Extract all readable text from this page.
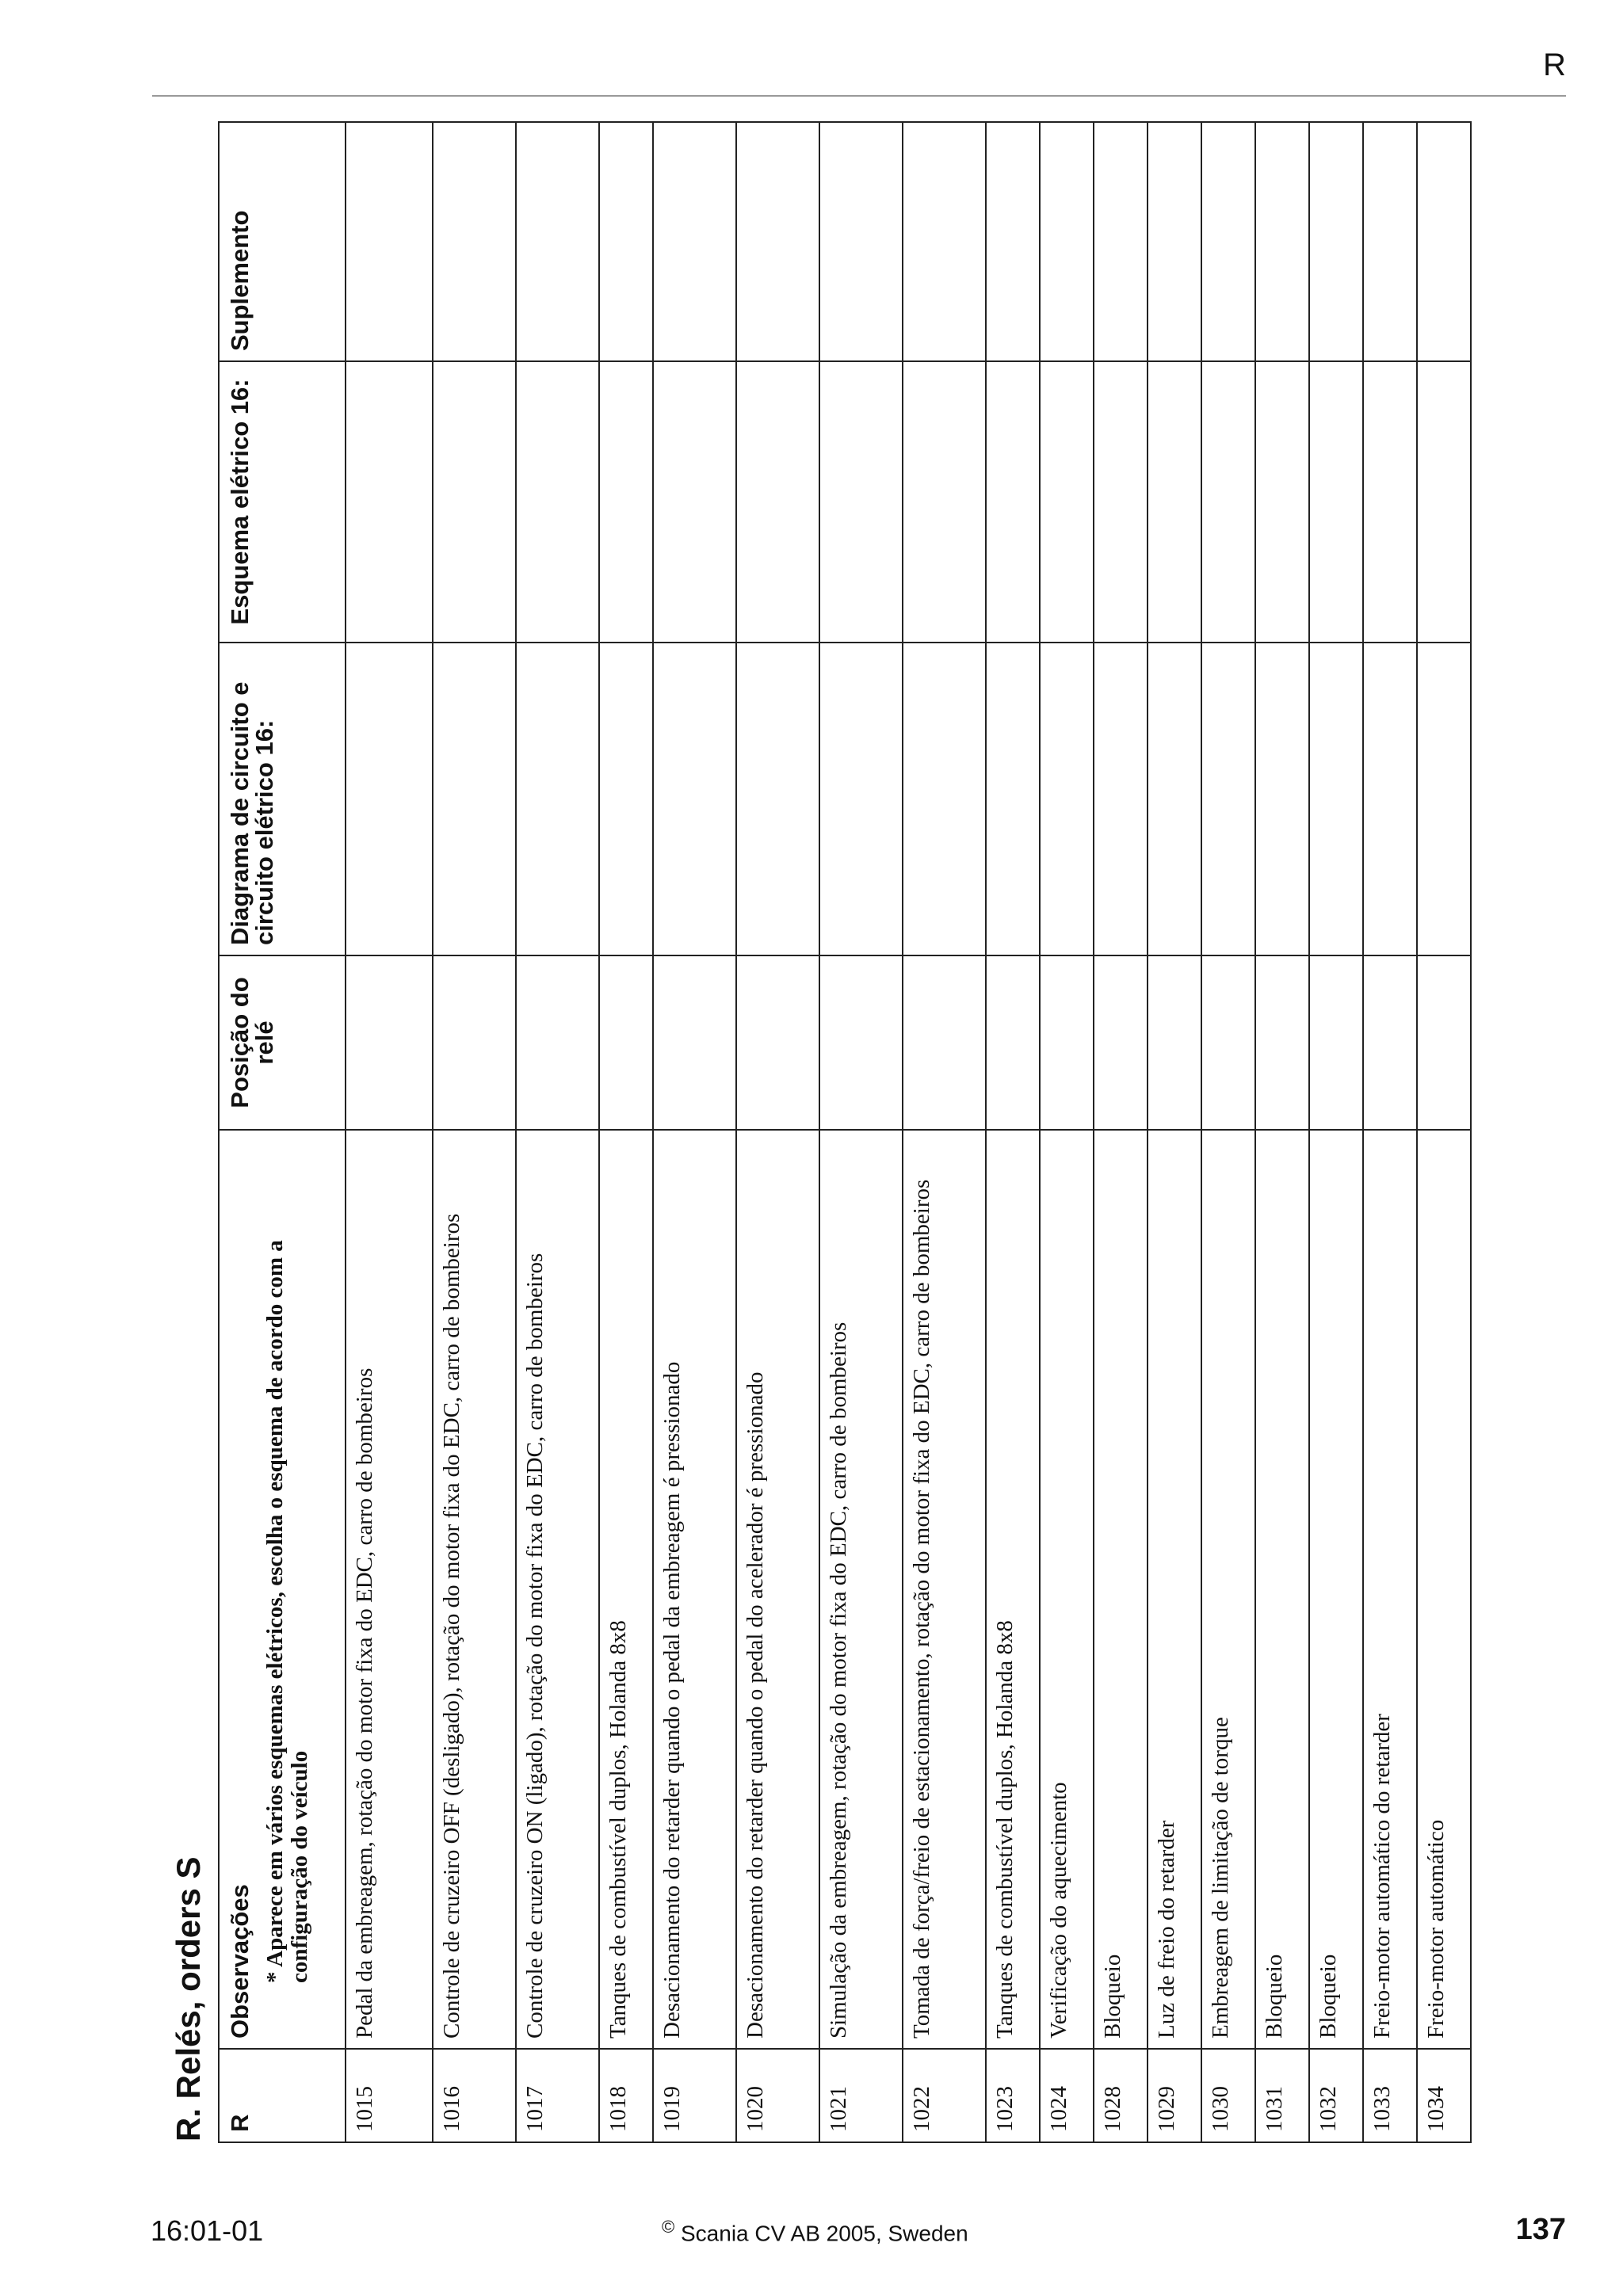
R
R. Relés, orders S R	Observações * Aparece em vários esquemas elétricos, escolha o esquema de acordo com a configuração do veículo	Posição do relé	Diagrama de circuito e circuito elétrico 16:	Esquema elétrico 16:	Suplemento
1015	Pedal da embreagem, rotação do motor fixa do EDC, carro de bombeiros				
1016	Controle de cruzeiro OFF (desligado), rotação do motor fixa do EDC, carro de bombeiros				
1017	Controle de cruzeiro ON (ligado), rotação do motor fixa do EDC, carro de bombeiros				
1018	Tanques de combustível duplos, Holanda 8x8				
1019	Desacionamento do retarder quando o pedal da embreagem é pressionado				
1020	Desacionamento do retarder quando o pedal do acelerador é pressionado				
1021	Simulação da embreagem, rotação do motor fixa do EDC, carro de bombeiros				
1022	Tomada de força/freio de estacionamento, rotação do motor fixa do EDC, carro de bombeiros				
1023	Tanques de combustível duplos, Holanda 8x8				
1024	Verificação do aquecimento				
1028	Bloqueio				
1029	Luz de freio do retarder				
1030	Embreagem de limitação de torque				
1031	Bloqueio				
1032	Bloqueio				
1033	Freio-motor automático do retarder				
1034	Freio-motor automático				
16:01-01	© Scania CV AB 2005, Sweden	137
